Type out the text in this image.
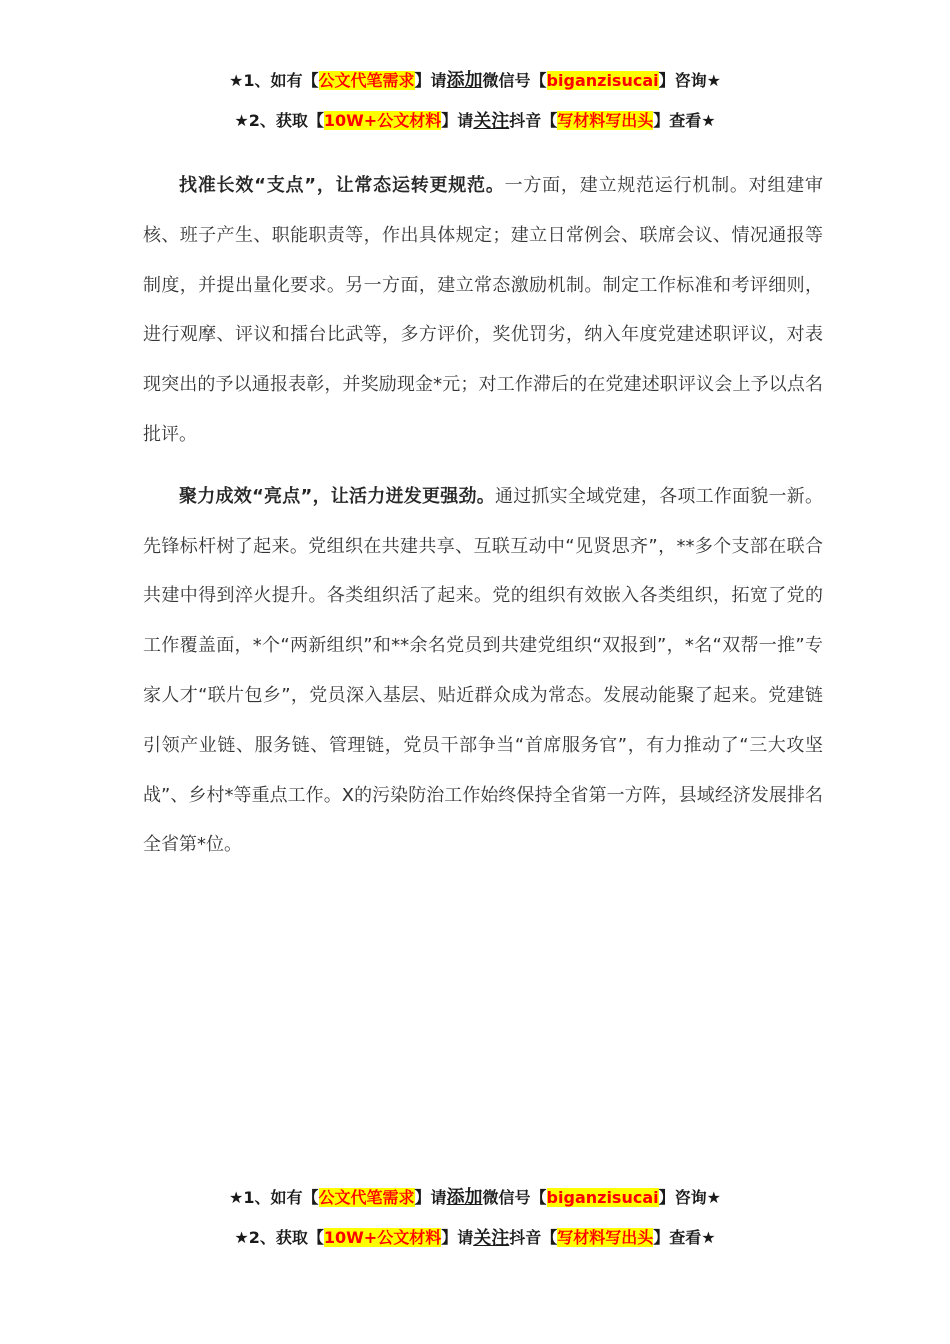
★1、如有【公文代笔需求】请添加微信号【biganzisucai】咨询★
★2、获取【10W+公文材料】请关注抖音【写材料写出头】查看★

找准长效“支点”，让常态运转更规范。一方面，建立规范运行机制。对组建审核、班子产生、职能职责等，作出具体规定；建立日常例会、联席会议、情况通报等制度，并提出量化要求。另一方面，建立常态激励机制。制定工作标准和考评细则，进行观摩、评议和擂台比武等，多方评价，奖优罚劣，纳入年度党建述职评议，对表现突出的予以通报表彰，并奖励现金*元；对工作滞后的在党建述职评议会上予以点名批评。

聚力成效“亮点”，让活力迸发更强劲。通过抓实全域党建，各项工作面貌一新。先锋标杆树了起来。党组织在共建共享、互联互动中“见贤思齐”，**多个支部在联合共建中得到淬火提升。各类组织活了起来。党的组织有效嵌入各类组织，拓宽了党的工作覆盖面，*个“两新组织”和**余名党员到共建党组织“双报到”，*名“双帮一推”专家人才“联片包乡”，党员深入基层、贴近群众成为常态。发展动能聚了起来。党建链引领产业链、服务链、管理链，党员干部争当“首席服务官”，有力推动了“三大攻坚战”、乡村*等重点工作。X的污染防治工作始终保持全省第一方阵，县域经济发展排名全省第*位。

★1、如有【公文代笔需求】请添加微信号【biganzisucai】咨询★
★2、获取【10W+公文材料】请关注抖音【写材料写出头】查看★
